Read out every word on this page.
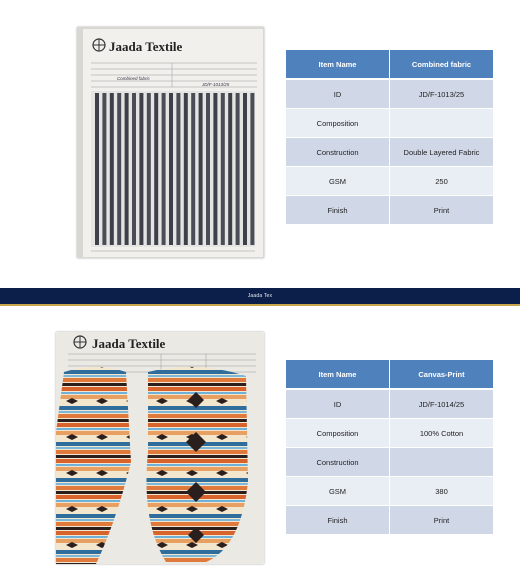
Jaada Textile
Combined fabric
JD/F-1013/25
Item Name	Combined fabric
ID	JD/F-1013/25
Composition	
Construction	Double Layered Fabric
GSM	250
Finish	Print
Jaada Tex
Jaada Textile
Item Name	Canvas-Print
ID	JD/F-1014/25
Composition	100% Cotton
Construction	
GSM	380
Finish	Print
